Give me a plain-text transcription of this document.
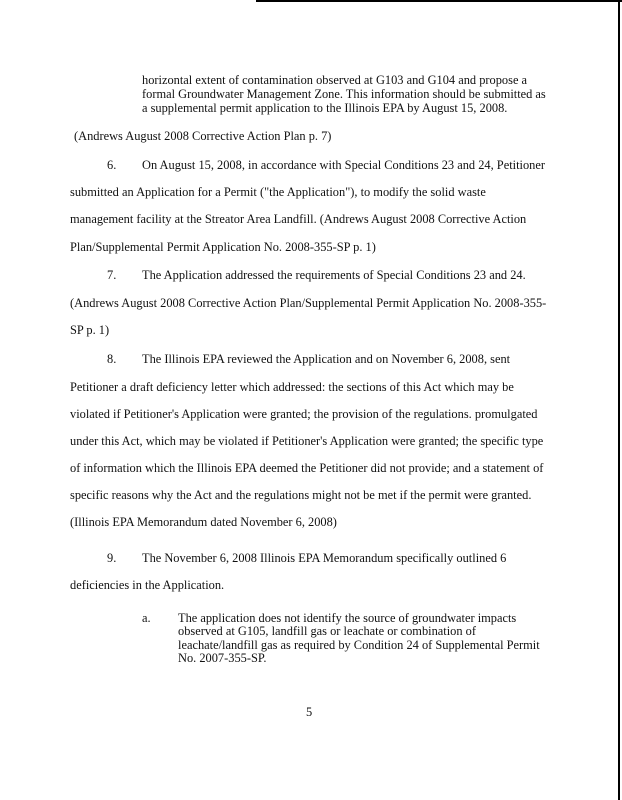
horizontal extent of contamination observed at G103 and G104 and propose a
formal Groundwater Management Zone. This information should be submitted as
a supplemental permit application to the Illinois EPA by August 15, 2008.
(Andrews August 2008 Corrective Action Plan p. 7)
6. On August 15, 2008, in accordance with Special Conditions 23 and 24, Petitioner
submitted an Application for a Permit ("the Application"), to modify the solid waste
management facility at the Streator Area Landfill. (Andrews August 2008 Corrective Action
Plan/Supplemental Permit Application No. 2008-355-SP p. 1)
7. The Application addressed the requirements of Special Conditions 23 and 24.
(Andrews August 2008 Corrective Action Plan/Supplemental Permit Application No. 2008-355-
SP p. 1)
8. The Illinois EPA reviewed the Application and on November 6, 2008, sent
Petitioner a draft deficiency letter which addressed: the sections of this Act which may be
violated if Petitioner's Application were granted; the provision of the regulations. promulgated
under this Act, which may be violated if Petitioner's Application were granted; the specific type
of information which the Illinois EPA deemed the Petitioner did not provide; and a statement of
specific reasons why the Act and the regulations might not be met if the permit were granted.
(Illinois EPA Memorandum dated November 6, 2008)
9. The November 6, 2008 Illinois EPA Memorandum specifically outlined 6
deficiencies in the Application.
a. The application does not identify the source of groundwater impacts
observed at G105, landfill gas or leachate or combination of
leachate/landfill gas as required by Condition 24 of Supplemental Permit
No. 2007-355-SP.
5
